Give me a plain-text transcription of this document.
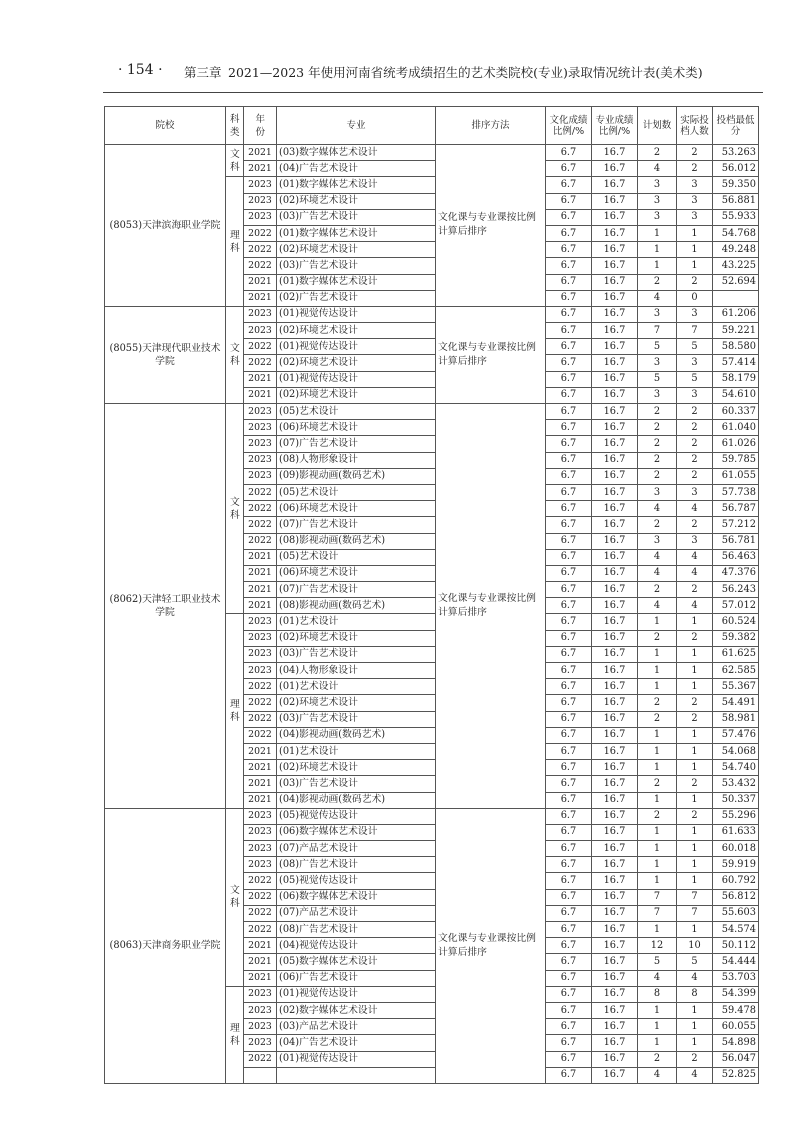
· 154 · 第三章 2021—2023 年使用河南省统考成绩招生的艺术类院校(专业)录取情况统计表(美术类)
院校	科类	年份	专业	排序方法	文化成绩比例/%	专业成绩比例/%	计划数	实际投档人数	投档最低分
(8053)天津滨海职业学院	文科	2021	(03)数字媒体艺术设计	文化课与专业课按比例计算后排序	6.7	16.7	2	2	53.263
		2021	(04)广告艺术设计		6.7	16.7	4	2	56.012

	理科	2023	(01)数字媒体艺术设计		6.7	16.7	3	3	59.350
		2023	(02)环境艺术设计		6.7	16.7	3	3	56.881
		2023	(03)广告艺术设计		6.7	16.7	3	3	55.933
		2022	(01)数字媒体艺术设计		6.7	16.7	1	1	54.768
		2022	(02)环境艺术设计		6.7	16.7	1	1	49.248
		2022	(03)广告艺术设计		6.7	16.7	1	1	43.225
		2021	(01)数字媒体艺术设计		6.7	16.7	2	2	52.694
		2021	(02)广告艺术设计		6.7	16.7	4	0	
(8055)天津现代职业技术学院	文科	2023	(01)视觉传达设计	文化课与专业课按比例计算后排序	6.7	16.7	3	3	61.206
		2023	(02)环境艺术设计		6.7	16.7	7	7	59.221
		2022	(01)视觉传达设计		6.7	16.7	5	5	58.580
		2022	(02)环境艺术设计		6.7	16.7	3	3	57.414
		2021	(01)视觉传达设计		6.7	16.7	5	5	58.179
		2021	(02)环境艺术设计		6.7	16.7	3	3	54.610
(8062)天津轻工职业技术学院	文科	2023	(05)艺术设计	文化课与专业课按比例计算后排序	6.7	16.7	2	2	60.337
		2023	(06)环境艺术设计		6.7	16.7	2	2	61.040
		2023	(07)广告艺术设计		6.7	16.7	2	2	61.026
		2023	(08)人物形象设计		6.7	16.7	2	2	59.785
		2023	(09)影视动画(数码艺术)		6.7	16.7	2	2	61.055
		2022	(05)艺术设计		6.7	16.7	3	3	57.738
		2022	(06)环境艺术设计		6.7	16.7	4	4	56.787
		2022	(07)广告艺术设计		6.7	16.7	2	2	57.212
		2022	(08)影视动画(数码艺术)		6.7	16.7	3	3	56.781
		2021	(05)艺术设计		6.7	16.7	4	4	56.463
		2021	(06)环境艺术设计		6.7	16.7	4	4	47.376
		2021	(07)广告艺术设计		6.7	16.7	2	2	56.243
		2021	(08)影视动画(数码艺术)		6.7	16.7	4	4	57.012

	理科	2023	(01)艺术设计		6.7	16.7	1	1	60.524
		2023	(02)环境艺术设计		6.7	16.7	2	2	59.382
		2023	(03)广告艺术设计		6.7	16.7	1	1	61.625
		2023	(04)人物形象设计		6.7	16.7	1	1	62.585
		2022	(01)艺术设计		6.7	16.7	1	1	55.367
		2022	(02)环境艺术设计		6.7	16.7	2	2	54.491
		2022	(03)广告艺术设计		6.7	16.7	2	2	58.981
		2022	(04)影视动画(数码艺术)		6.7	16.7	1	1	57.476
		2021	(01)艺术设计		6.7	16.7	1	1	54.068
		2021	(02)环境艺术设计		6.7	16.7	1	1	54.740
		2021	(03)广告艺术设计		6.7	16.7	2	2	53.432
		2021	(04)影视动画(数码艺术)		6.7	16.7	1	1	50.337
(8063)天津商务职业学院	文科	2023	(05)视觉传达设计	文化课与专业课按比例计算后排序	6.7	16.7	2	2	55.296
		2023	(06)数字媒体艺术设计		6.7	16.7	1	1	61.633
		2023	(07)产品艺术设计		6.7	16.7	1	1	60.018
		2023	(08)广告艺术设计		6.7	16.7	1	1	59.919
		2022	(05)视觉传达设计		6.7	16.7	1	1	60.792
		2022	(06)数字媒体艺术设计		6.7	16.7	7	7	56.812
		2022	(07)产品艺术设计		6.7	16.7	7	7	55.603
		2022	(08)广告艺术设计		6.7	16.7	1	1	54.574
		2021	(04)视觉传达设计		6.7	16.7	12	10	50.112
		2021	(05)数字媒体艺术设计		6.7	16.7	5	5	54.444
		2021	(06)广告艺术设计		6.7	16.7	4	4	53.703

	理科	2023	(01)视觉传达设计		6.7	16.7	8	8	54.399
		2023	(02)数字媒体艺术设计		6.7	16.7	1	1	59.478
		2023	(03)产品艺术设计		6.7	16.7	1	1	60.055
		2023	(04)广告艺术设计		6.7	16.7	1	1	54.898
		2022	(01)视觉传达设计		6.7	16.7	2	2	56.047
					6.7	16.7	4	4	52.825
